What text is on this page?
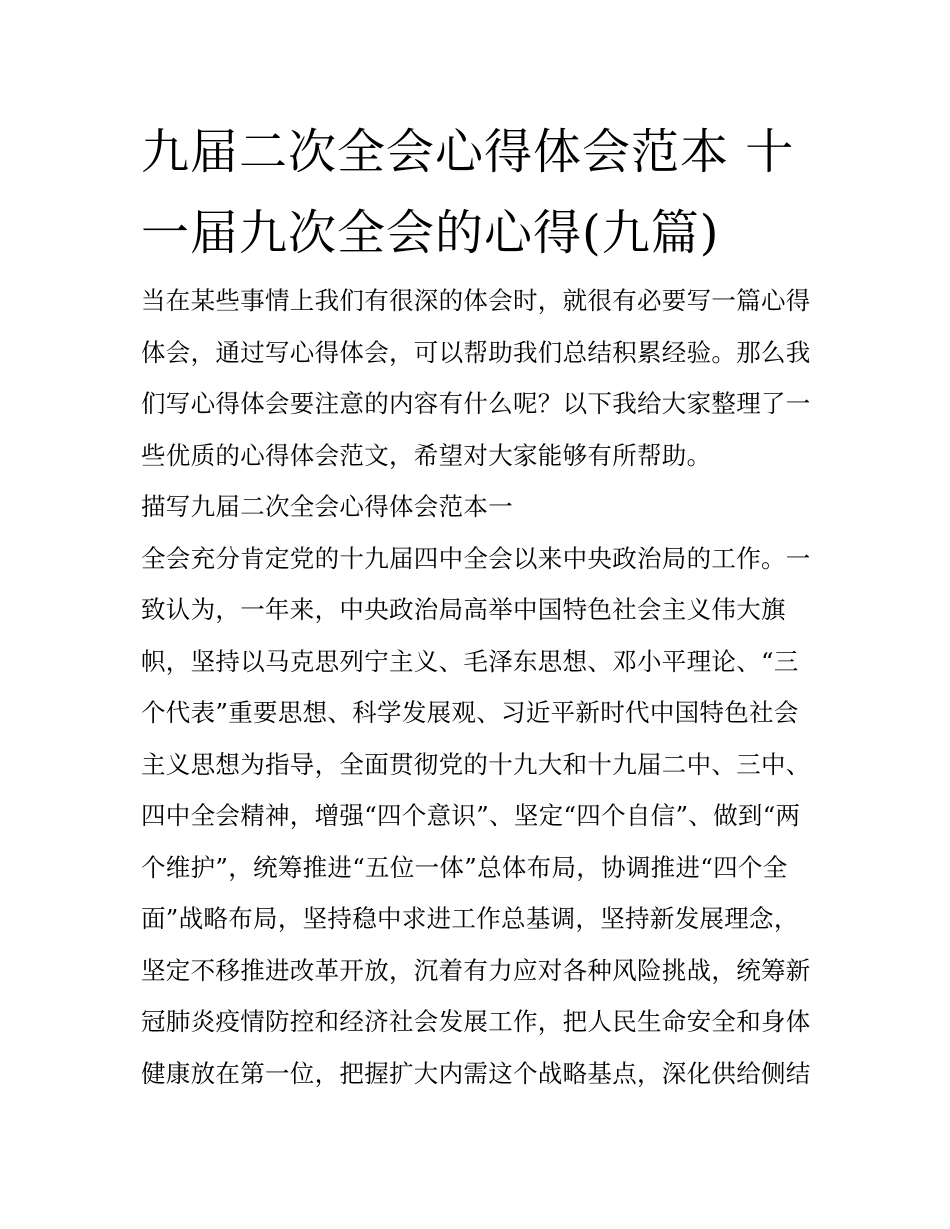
九届二次全会心得体会范本 十
一届九次全会的心得(九篇)
当在某些事情上我们有很深的体会时，就很有必要写一篇心得
体会，通过写心得体会，可以帮助我们总结积累经验。那么我
们写心得体会要注意的内容有什么呢？以下我给大家整理了一
些优质的心得体会范文，希望对大家能够有所帮助。
描写九届二次全会心得体会范本一
全会充分肯定党的十九届四中全会以来中央政治局的工作。一
致认为，一年来，中央政治局高举中国特色社会主义伟大旗
帜，坚持以马克思列宁主义、毛泽东思想、邓小平理论、“三
个代表”重要思想、科学发展观、习近平新时代中国特色社会
主义思想为指导，全面贯彻党的十九大和十九届二中、三中、
四中全会精神，增强“四个意识”、坚定“四个自信”、做到“两
个维护”，统筹推进“五位一体”总体布局，协调推进“四个全
面”战略布局，坚持稳中求进工作总基调，坚持新发展理念，
坚定不移推进改革开放，沉着有力应对各种风险挑战，统筹新
冠肺炎疫情防控和经济社会发展工作，把人民生命安全和身体
健康放在第一位，把握扩大内需这个战略基点，深化供给侧结
